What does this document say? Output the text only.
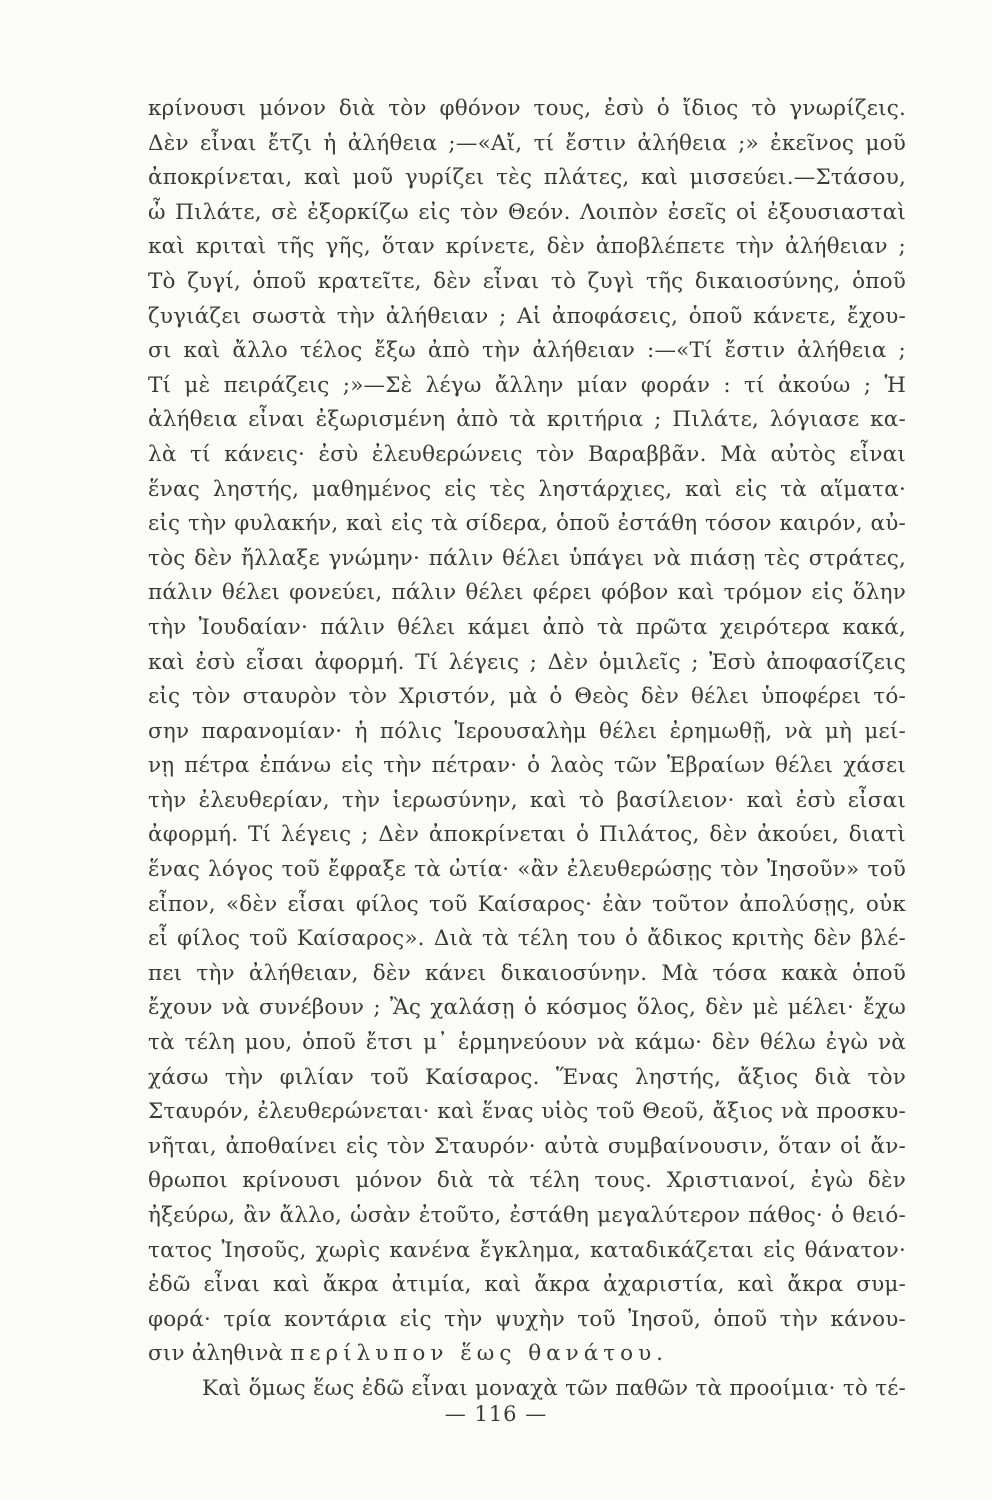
κρίνουσι μόνον διὰ τὸν φθόνον τους, ἐσὺ ὁ ἴδιος τὸ γνωρίζεις.
Δὲν εἶναι ἔτζι ἡ ἀλήθεια ;—«Αἴ, τί ἔστιν ἀλήθεια ;» ἐκεῖνος μοῦ
ἀποκρίνεται, καὶ μοῦ γυρίζει τὲς πλάτες, καὶ μισσεύει.—Στάσου,
ὦ Πιλάτε, σὲ ἐξορκίζω εἰς τὸν Θεόν. Λοιπὸν ἐσεῖς οἱ ἐξουσιασταὶ
καὶ κριταὶ τῆς γῆς, ὅταν κρίνετε, δὲν ἀποβλέπετε τὴν ἀλήθειαν ;
Τὸ ζυγί, ὁποῦ κρατεῖτε, δὲν εἶναι τὸ ζυγὶ τῆς δικαιοσύνης, ὁποῦ
ζυγιάζει σωστὰ τὴν ἀλήθειαν ; Αἱ ἀποφάσεις, ὁποῦ κάνετε, ἔχου-
σι καὶ ἄλλο τέλος ἔξω ἀπὸ τὴν ἀλήθειαν :—«Τί ἔστιν ἀλήθεια ;
Τί μὲ πειράζεις ;»—Σὲ λέγω ἄλλην μίαν φοράν : τί ἀκούω ; Ἡ
ἀλήθεια εἶναι ἐξωρισμένη ἀπὸ τὰ κριτήρια ; Πιλάτε, λόγιασε κα-
λὰ τί κάνεις· ἐσὺ ἐλευθερώνεις τὸν Βαραββᾶν. Μὰ αὐτὸς εἶναι
ἕνας ληστής, μαθημένος εἰς τὲς ληστάρχιες, καὶ εἰς τὰ αἵματα·
εἰς τὴν φυλακήν, καὶ εἰς τὰ σίδερα, ὁποῦ ἐστάθη τόσον καιρόν, αὐ-
τὸς δὲν ἤλλαξε γνώμην· πάλιν θέλει ὑπάγει νὰ πιάσῃ τὲς στράτες,
πάλιν θέλει φονεύει, πάλιν θέλει φέρει φόβον καὶ τρόμον εἰς ὅλην
τὴν Ἰουδαίαν· πάλιν θέλει κάμει ἀπὸ τὰ πρῶτα χειρότερα κακά,
καὶ ἐσὺ εἶσαι ἀφορμή. Τί λέγεις ; Δὲν ὁμιλεῖς ; Ἐσὺ ἀποφασίζεις
εἰς τὸν σταυρὸν τὸν Χριστόν, μὰ ὁ Θεὸς δὲν θέλει ὑποφέρει τό-
σην παρανομίαν· ἡ πόλις Ἱερουσαλὴμ θέλει ἐρημωθῇ, νὰ μὴ μεί-
νῃ πέτρα ἐπάνω εἰς τὴν πέτραν· ὁ λαὸς τῶν Ἑβραίων θέλει χάσει
τὴν ἐλευθερίαν, τὴν ἱερωσύνην, καὶ τὸ βασίλειον· καὶ ἐσὺ εἶσαι
ἀφορμή. Τί λέγεις ; Δὲν ἀποκρίνεται ὁ Πιλάτος, δὲν ἀκούει, διατὶ
ἕνας λόγος τοῦ ἔφραξε τὰ ὠτία· «ἂν ἐλευθερώσῃς τὸν Ἰησοῦν» τοῦ
εἶπον, «δὲν εἶσαι φίλος τοῦ Καίσαρος· ἐὰν τοῦτον ἀπολύσῃς, οὐκ
εἶ φίλος τοῦ Καίσαρος». Διὰ τὰ τέλη του ὁ ἄδικος κριτὴς δὲν βλέ-
πει τὴν ἀλήθειαν, δὲν κάνει δικαιοσύνην. Μὰ τόσα κακὰ ὁποῦ
ἔχουν νὰ συνέβουν ; Ἂς χαλάσῃ ὁ κόσμος ὅλος, δὲν μὲ μέλει· ἔχω
τὰ τέλη μου, ὁποῦ ἔτσι μ᾽ ἑρμηνεύουν νὰ κάμω· δὲν θέλω ἐγὼ νὰ
χάσω τὴν φιλίαν τοῦ Καίσαρος. Ἕνας ληστής, ἄξιος διὰ τὸν
Σταυρόν, ἐλευθερώνεται· καὶ ἕνας υἱὸς τοῦ Θεοῦ, ἄξιος νὰ προσκυ-
νῆται, ἀποθαίνει εἰς τὸν Σταυρόν· αὐτὰ συμβαίνουσιν, ὅταν οἱ ἄν-
θρωποι κρίνουσι μόνον διὰ τὰ τέλη τους. Χριστιανοί, ἐγὼ δὲν
ἠξεύρω, ἂν ἄλλο, ὡσὰν ἐτοῦτο, ἐστάθη μεγαλύτερον πάθος· ὁ θειό-
τατος Ἰησοῦς, χωρὶς κανένα ἔγκλημα, καταδικάζεται εἰς θάνατον·
ἐδῶ εἶναι καὶ ἄκρα ἀτιμία, καὶ ἄκρα ἀχαριστία, καὶ ἄκρα συμ-
φορά· τρία κοντάρια εἰς τὴν ψυχὴν τοῦ Ἰησοῦ, ὁποῦ τὴν κάνου-
σιν ἀληθινὰ περίλυπον ἕως θανάτου.
Καὶ ὅμως ἕως ἐδῶ εἶναι μοναχὰ τῶν παθῶν τὰ προοίμια· τὸ τέ-
— 116 —
